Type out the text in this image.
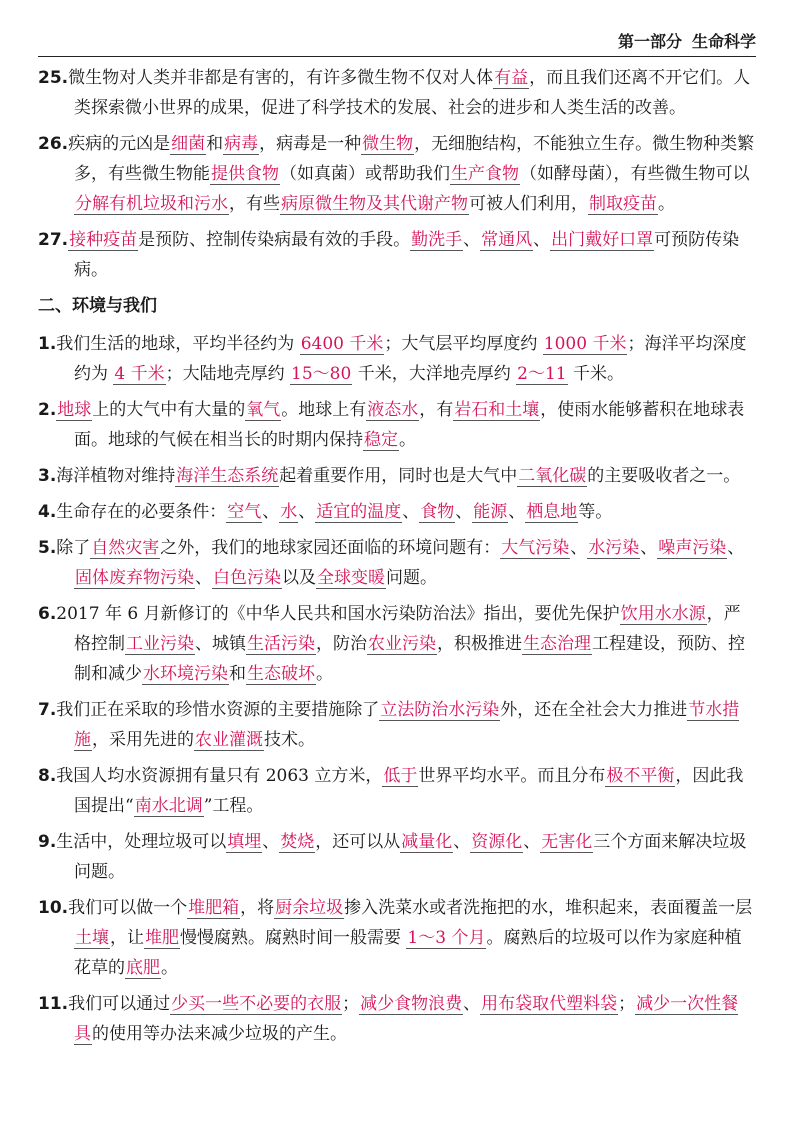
第一部分 生命科学
25.微生物对人类并非都是有害的，有许多微生物不仅对人体有益，而且我们还离不开它们。人类探索微小世界的成果，促进了科学技术的发展、社会的进步和人类生活的改善。
26.疾病的元凶是细菌和病毒，病毒是一种微生物，无细胞结构，不能独立生存。微生物种类繁多，有些微生物能提供食物（如真菌）或帮助我们生产食物（如酵母菌），有些微生物可以分解有机垃圾和污水，有些病原微生物及其代谢产物可被人们利用，制取疫苗。
27.接种疫苗是预防、控制传染病最有效的手段。勤洗手、常通风、出门戴好口罩可预防传染病。
二、环境与我们
1.我们生活的地球，平均半径约为 6400 千米；大气层平均厚度约 1000 千米；海洋平均深度约为 4 千米；大陆地壳厚约 15～80 千米，大洋地壳厚约 2～11 千米。
2.地球上的大气中有大量的氧气。地球上有液态水，有岩石和土壤，使雨水能够蓄积在地球表面。地球的气候在相当长的时期内保持稳定。
3.海洋植物对维持海洋生态系统起着重要作用，同时也是大气中二氧化碳的主要吸收者之一。
4.生命存在的必要条件：空气、水、适宜的温度、食物、能源、栖息地等。
5.除了自然灾害之外，我们的地球家园还面临的环境问题有：大气污染、水污染、噪声污染、固体废弃物污染、白色污染以及全球变暖问题。
6.2017 年 6 月新修订的《中华人民共和国水污染防治法》指出，要优先保护饮用水水源，严格控制工业污染、城镇生活污染，防治农业污染，积极推进生态治理工程建设，预防、控制和减少水环境污染和生态破坏。
7.我们正在采取的珍惜水资源的主要措施除了立法防治水污染外，还在全社会大力推进节水措施，采用先进的农业灌溉技术。
8.我国人均水资源拥有量只有 2063 立方米，低于世界平均水平。而且分布极不平衡，因此我国提出“南水北调”工程。
9.生活中，处理垃圾可以填埋、焚烧，还可以从减量化、资源化、无害化三个方面来解决垃圾问题。
10.我们可以做一个堆肥箱，将厨余垃圾掺入洗菜水或者洗拖把的水，堆积起来，表面覆盖一层土壤，让堆肥慢慢腐熟。腐熟时间一般需要 1～3 个月。腐熟后的垃圾可以作为家庭种植花草的底肥。
11.我们可以通过少买一些不必要的衣服；减少食物浪费、用布袋取代塑料袋；减少一次性餐具的使用等办法来减少垃圾的产生。
